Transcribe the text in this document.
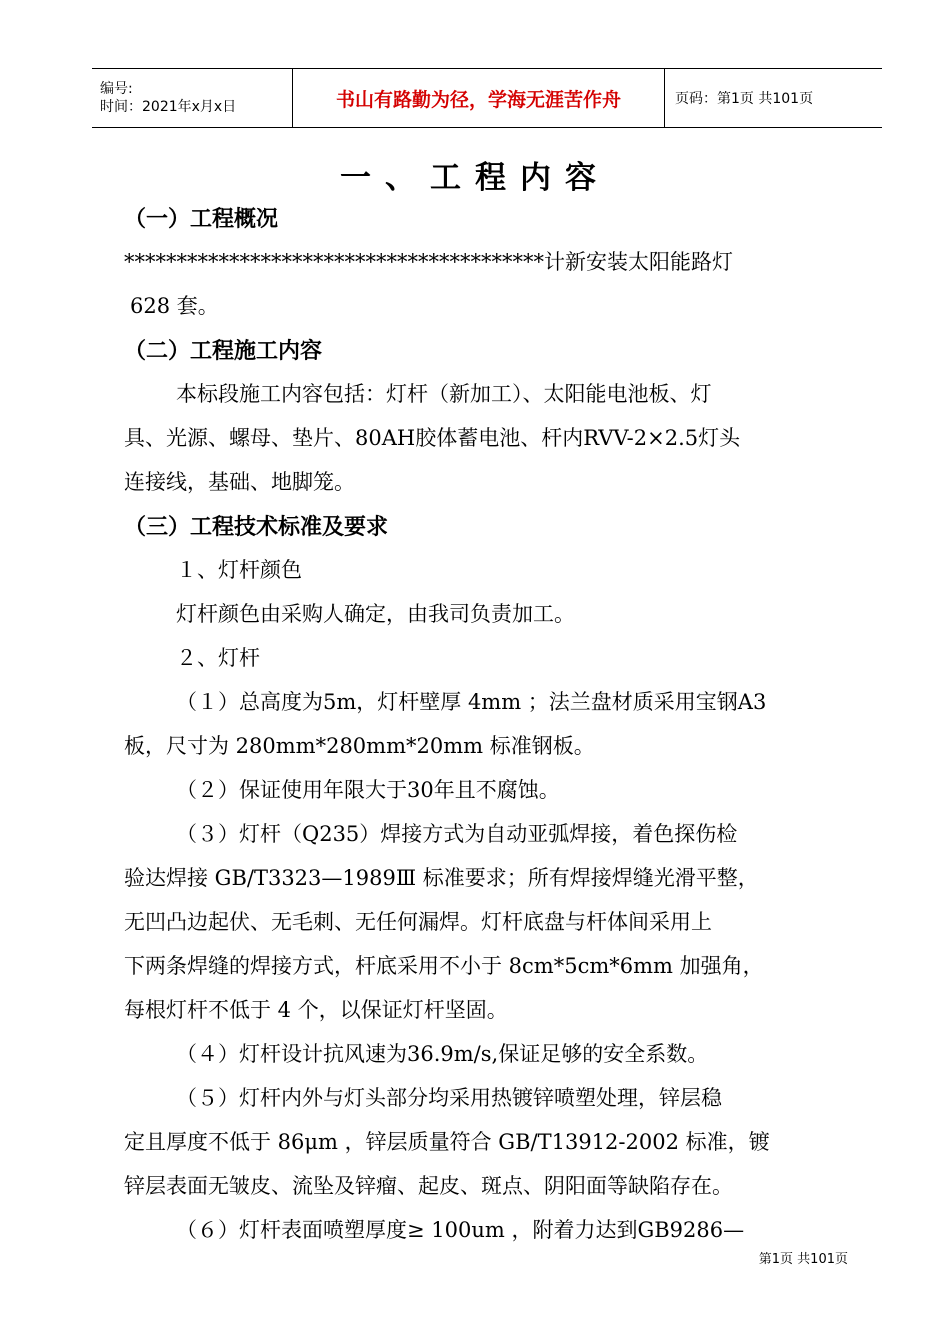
编号:
时间：2021年x月x日	书山有路勤为径，学海无涯苦作舟	页码：第1页 共101页
一、工程内容
（一）工程概况
****************************************计新安装太阳能路灯
628 套。
（二）工程施工内容
本标段施工内容包括：灯杆（新加工）、太阳能电池板、灯
具、光源、螺母、垫片、80AH胶体蓄电池、杆内RVV-2×2.5灯头
连接线，基础、地脚笼。
（三）工程技术标准及要求
１、灯杆颜色
灯杆颜色由采购人确定，由我司负责加工。
２、灯杆
（１）总高度为5m，灯杆壁厚 4mm ；法兰盘材质采用宝钢A3
板，尺寸为 280mm*280mm*20mm 标准钢板。
（２）保证使用年限大于30年且不腐蚀。
（３）灯杆（Q235）焊接方式为自动亚弧焊接，着色探伤检
验达焊接 GB/T3323—1989Ⅲ 标准要求；所有焊接焊缝光滑平整，
无凹凸边起伏、无毛刺、无任何漏焊。灯杆底盘与杆体间采用上
下两条焊缝的焊接方式，杆底采用不小于 8cm*5cm*6mm 加强角，
每根灯杆不低于 4 个，以保证灯杆坚固。
（４）灯杆设计抗风速为36.9m/s,保证足够的安全系数。
（５）灯杆内外与灯头部分均采用热镀锌喷塑处理，锌层稳
定且厚度不低于 86μm ，锌层质量符合 GB/T13912-2002 标准，镀
锌层表面无皱皮、流坠及锌瘤、起皮、斑点、阴阳面等缺陷存在。
（６）灯杆表面喷塑厚度≥ 100um ，附着力达到GB9286—
第1页 共101页
